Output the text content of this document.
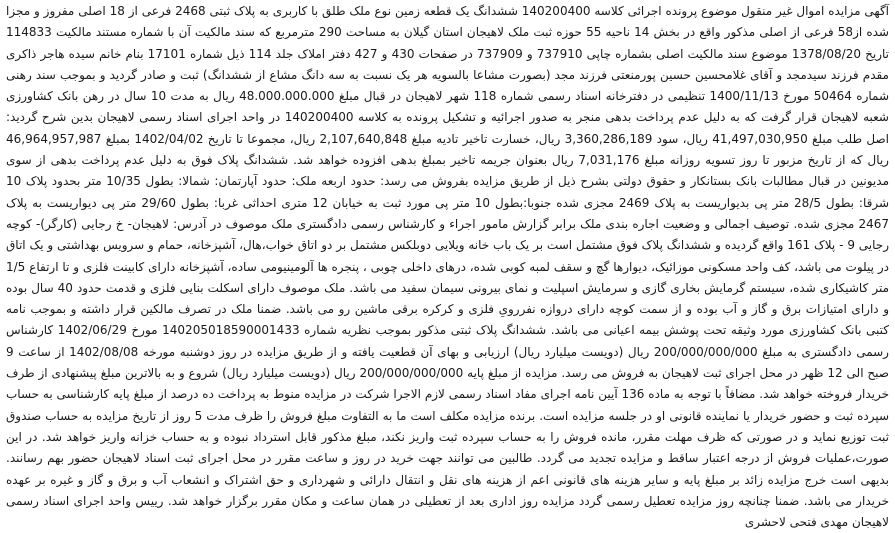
آگهی مزایده اموال غیر منقول موضوع پرونده اجرائی کلاسه 140200400 ششدانگ یک قطعه زمین نوع ملک طلق با کاربری به پلاک ثبتی 2468 فرعی از 18 اصلی مفروز و مجزا شده از58 فرعی از اصلی مذکور واقع در بخش 14 ناحیه 55 حوزه ثبت ملک لاهیجان استان گیلان به مساحت 290 مترمربع که سند مالکیت آن با شماره مستند مالکیت 114833 تاریخ 1378/08/20 موضوع سند مالکیت اصلی بشماره چاپی 737910 و 737909 در صفحات 430 و 427 دفتر املاک جلد 114 ذیل شماره 17101 بنام خانم سیده هاجر ذاکری مقدم فرزند سیدمجد و آقای غلامحسین حسین پورمنعتی فرزند مجد (بصورت مشاعا بالسویه هر یک نسبت به سه دانگ مشاع از ششدانگ) ثبت و صادر گردید و بموجب سند رهنی شماره 50464 مورخ 1400/11/13 تنظیمی در دفترخانه اسناد رسمی شماره 118 شهر لاهیجان در قبال مبلغ 48.000.000.000 ریال به مدت 10 سال در رهن بانک کشاورزی شعبه لاهیجان قرار گرفت که به دلیل عدم پرداخت بدهی منجر به صدور اجرائیه و تشکیل پرونده به کلاسه 140200400 در واحد اجرای اسناد رسمی لاهیجان بدین شرح گردید: اصل طلب مبلغ 41,497,030,950 ریال، سود 3,360,286,189 ریال، خسارت تاخیر تادیه مبلغ 2,107,640,848 ریال، مجموعا تا تاریخ 1402/04/02 بمبلغ 46,964,957,987 ریال که از تاریخ مزبور تا روز تسویه روزانه مبلغ 7,031,176 ریال بعنوان جریمه تاخیر بمبلغ بدهی افزوده خواهد شد. ششدانگ پلاک فوق به دلیل عدم پرداخت بدهی از سوی مدیونین در قبال مطالبات بانک بستانکار و حقوق دولتی بشرح ذیل از طریق مزایده بفروش می رسد: حدود اربعه ملک: حدود آپارتمان: شمالا: بطول 10/35 متر بحدود پلاک 10 شرقا: بطول 28/5 متر پی بدیواریست به پلاک 2469 مجزی شده جنوبا:بطول 10 متر پی مورد ثبت به خیابان 12 متری احداثی غربا: بطول 29/60 متر پی دیواریست به پلاک 2467 مجزی شده. توصیف اجمالی و وضعیت اجاره بندی ملک برابر گزارش مامور اجراء و کارشناس رسمی دادگستری ملک موصوف در آدرس: لاهیجان- خ رجایی (کارگر)- کوچه رجایی 9 - پلاک 161 واقع گردیده و ششدانگ پلاک فوق مشتمل است بر یک باب خانه ویلایی دوبلکس مشتمل بر دو اتاق خواب،هال، آشپزخانه، حمام و سرویس بهداشتی و یک اتاق در پیلوت می باشد، کف واحد مسکونی موزائیک، دیوارها گچ و سقف لمبه کوبی شده، درهای داخلی چوبی ، پنجره ها آلومینیومی ساده، آشپزخانه دارای کابینت فلزی و تا ارتفاع 1/5 متر کاشیکاری شده، سیستم گرمایش بخاری گازی و سرمایش اسپلیت و نمای بیرونی سیمان سفید می باشد. ملک موصوف دارای اسکلت بنایی فلزی و قدمت حدود 40 سال بوده و دارای امتیازات برق و گاز و آب بوده و از سمت کوچه دارای دروازه نفررویِ فلزی و کرکره برقی ماشین رو می باشد. ضمنا ملک در تصرف مالکین قرار داشته و بموجب نامه کتبی بانک کشاورزی مورد وثیقه تحت پوشش بیمه اعیانی می باشد. ششدانگ پلاک ثبتی مذکور بموجب نظریه شماره 140205018590001433 مورخ 1402/06/29 کارشناس رسمی دادگستری به مبلغ 200/000/000/000 ریال (دویست میلیارد ریال) ارزیابی و بهای آن قطعیت یافته و از طریق مزایده در روز دوشنبه مورخه 1402/08/08 از ساعت 9 صبح الی 12 ظهر در محل اجرای ثبت لاهیجان به فروش می رسد. مزایده از مبلغ پایه 200/000/000/000 ریال (دویست میلیارد ریال) شروع و به بالاترین مبلغ پیشنهادی از طرف خریدار فروخته خواهد شد. مضافاً با توجه به ماده 136 آیین نامه اجرای مفاد اسناد رسمی لازم الاجرا شرکت در مزایده منوط به پرداخت ده درصد از مبلغ پایه کارشناسی به حساب سپرده ثبت و حضور خریدار یا نماینده قانونی او در جلسه مزایده است. برنده مزایده مکلف است ما به التفاوت مبلغ فروش را ظرف مدت 5 روز از تاریخ مزایده به حساب صندوق ثبت توزیع نماید و در صورتی که ظرف مهلت مقرر، مانده فروش را به حساب سپرده ثبت واریز نکند، مبلغ مذکور قابل استرداد نبوده و به حساب خزانه واریز خواهد شد. در این صورت،عملیات فروش از درجه اعتبار ساقط و مزایده تجدید می گردد. طالبین می توانند جهت خرید در روز و ساعت مقرر در محل اجرای ثبت اسناد لاهیجان حضور بهم رسانند. بدیهی است خرج مزایده زائد بر مبلغ پایه و سایر هزینه های قانونی اعم از هزینه های نقل و انتقال دارائی و شهرداری و حق اشتراک و انشعاب آب و برق و گاز و غیره بر عهده خریدار می باشد. ضمنا چنانچه روز مزایده تعطیل رسمی گردد مزایده روز اداری بعد از تعطیلی در همان ساعت و مکان مقرر برگزار خواهد شد. رییس واحد اجرای اسناد رسمی لاهیجان مهدی فتحی لاحشری
